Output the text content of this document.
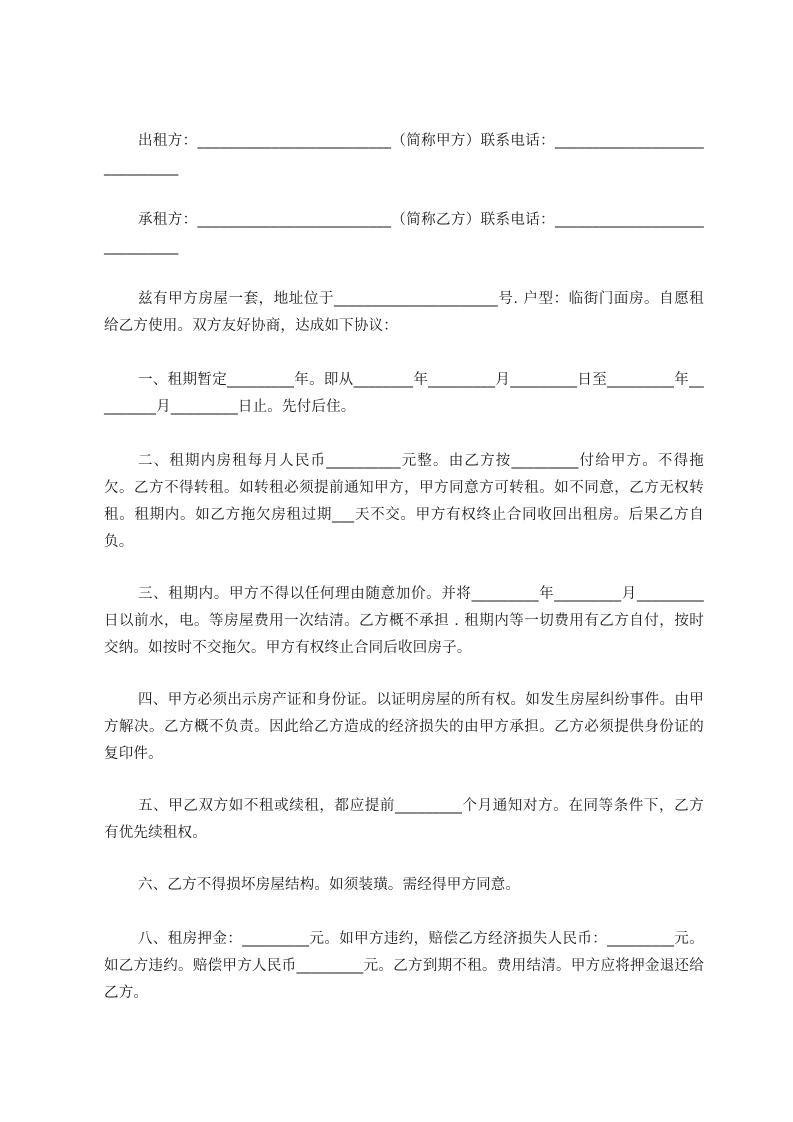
出租方：__________________________（简称甲方）联系电话：______________________________

承租方：__________________________（简称乙方）联系电话：______________________________

兹有甲方房屋一套，地址位于______________________号. 户型：临街门面房。自愿租给乙方使用。双方友好协商，达成如下协议：

一、租期暂定_________年。即从________年_________月_________日至_________年_________月_________日止。先付后住。

二、租期内房租每月人民币__________元整。由乙方按_________付给甲方。不得拖欠。乙方不得转租。如转租必须提前通知甲方，甲方同意方可转租。如不同意，乙方无权转租。租期内。如乙方拖欠房租过期___天不交。甲方有权终止合同收回出租房。后果乙方自负。

三、租期内。甲方不得以任何理由随意加价。并将_________年_________月_________日以前水，电。等房屋费用一次结清。乙方概不承担 . 租期内等一切费用有乙方自付，按时交纳。如按时不交拖欠。甲方有权终止合同后收回房子。

四、甲方必须出示房产证和身份证。以证明房屋的所有权。如发生房屋纠纷事件。由甲方解决。乙方概不负责。因此给乙方造成的经济损失的由甲方承担。乙方必须提供身份证的复印件。

五、甲乙双方如不租或续租，都应提前_________个月通知对方。在同等条件下，乙方有优先续租权。

六、乙方不得损坏房屋结构。如须装璜。需经得甲方同意。

八、租房押金：_________元。如甲方违约，赔偿乙方经济损失人民币：_________元。如乙方违约。赔偿甲方人民币_________元。乙方到期不租。费用结清。甲方应将押金退还给乙方。
